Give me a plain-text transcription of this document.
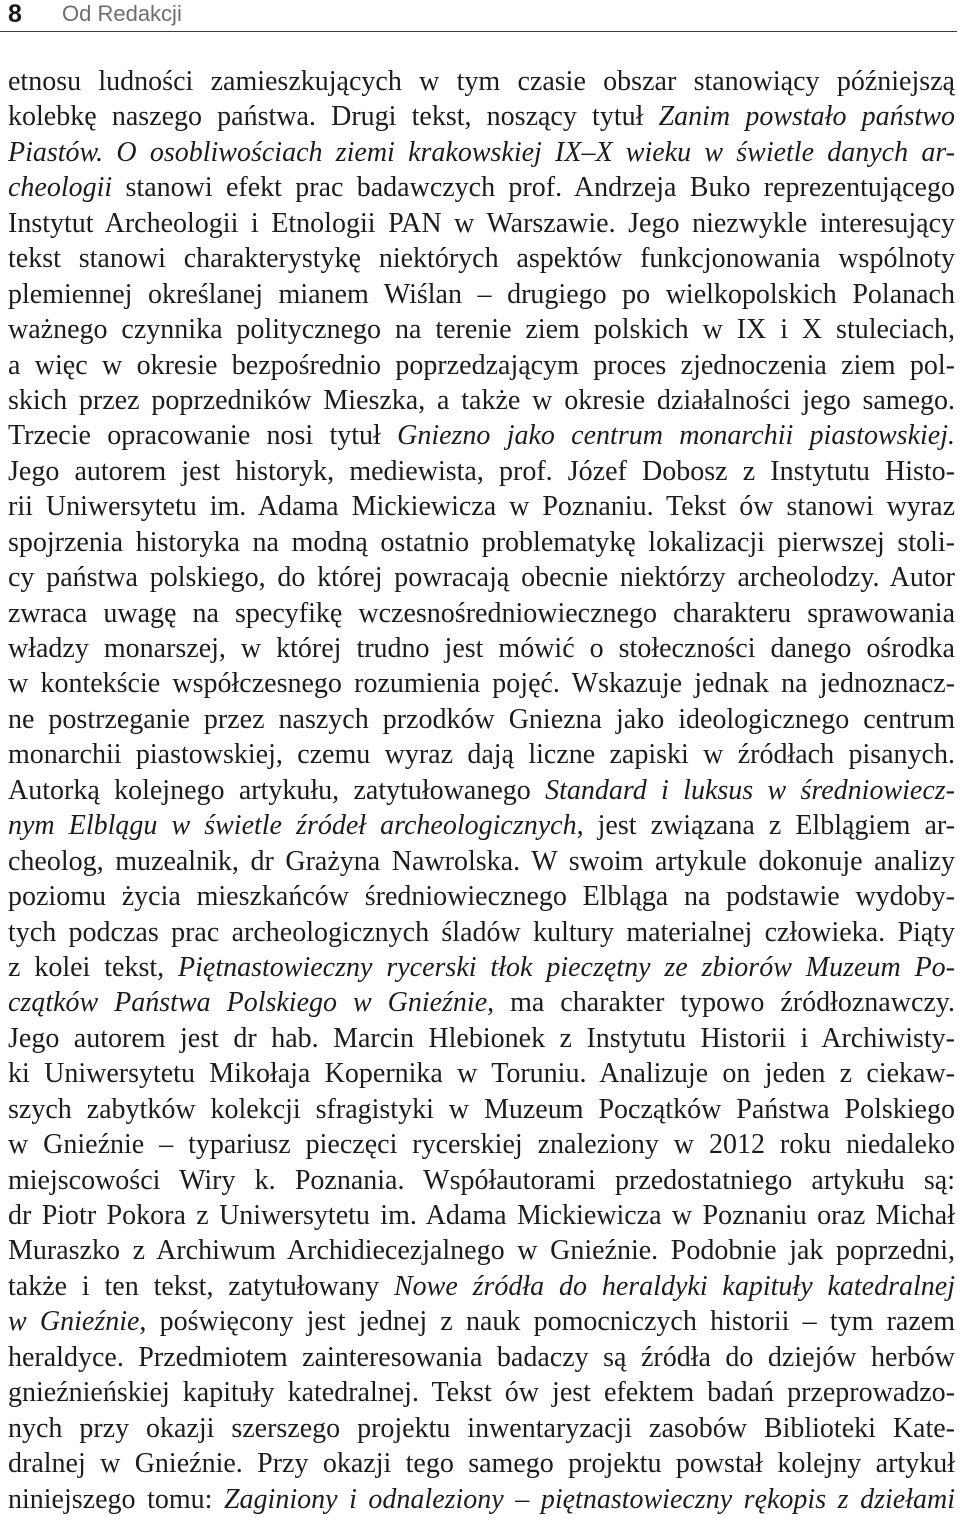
8 Od Redakcji
etnosu ludności zamieszkujących w tym czasie obszar stanowiący późniejszą
kolebkę naszego państwa. Drugi tekst, noszący tytuł Zanim powstało państwo
Piastów. O osobliwościach ziemi krakowskiej IX–X wieku w świetle danych ar-
cheologii stanowi efekt prac badawczych prof. Andrzeja Buko reprezentującego
Instytut Archeologii i Etnologii PAN w Warszawie. Jego niezwykle interesujący
tekst stanowi charakterystykę niektórych aspektów funkcjonowania wspólnoty
plemiennej określanej mianem Wiślan – drugiego po wielkopolskich Polanach
ważnego czynnika politycznego na terenie ziem polskich w IX i X stuleciach,
a więc w okresie bezpośrednio poprzedzającym proces zjednoczenia ziem pol-
skich przez poprzedników Mieszka, a także w okresie działalności jego samego.
Trzecie opracowanie nosi tytuł Gniezno jako centrum monarchii piastowskiej.
Jego autorem jest historyk, mediewista, prof. Józef Dobosz z Instytutu Histo-
rii Uniwersytetu im. Adama Mickiewicza w Poznaniu. Tekst ów stanowi wyraz
spojrzenia historyka na modną ostatnio problematykę lokalizacji pierwszej stoli-
cy państwa polskiego, do której powracają obecnie niektórzy archeolodzy. Autor
zwraca uwagę na specyfikę wczesnośredniowiecznego charakteru sprawowania
władzy monarszej, w której trudno jest mówić o stołeczności danego ośrodka
w kontekście współczesnego rozumienia pojęć. Wskazuje jednak na jednoznacz-
ne postrzeganie przez naszych przodków Gniezna jako ideologicznego centrum
monarchii piastowskiej, czemu wyraz dają liczne zapiski w źródłach pisanych.
Autorką kolejnego artykułu, zatytułowanego Standard i luksus w średniowiecz-
nym Elblągu w świetle źródeł archeologicznych, jest związana z Elblągiem ar-
cheolog, muzealnik, dr Grażyna Nawrolska. W swoim artykule dokonuje analizy
poziomu życia mieszkańców średniowiecznego Elbląga na podstawie wydoby-
tych podczas prac archeologicznych śladów kultury materialnej człowieka. Piąty
z kolei tekst, Piętnastowieczny rycerski tłok pieczętny ze zbiorów Muzeum Po-
czątków Państwa Polskiego w Gnieźnie, ma charakter typowo źródłoznawczy.
Jego autorem jest dr hab. Marcin Hlebionek z Instytutu Historii i Archiwisty-
ki Uniwersytetu Mikołaja Kopernika w Toruniu. Analizuje on jeden z ciekaw-
szych zabytków kolekcji sfragistyki w Muzeum Początków Państwa Polskiego
w Gnieźnie – typariusz pieczęci rycerskiej znaleziony w 2012 roku niedaleko
miejscowości Wiry k. Poznania. Współautorami przedostatniego artykułu są:
dr Piotr Pokora z Uniwersytetu im. Adama Mickiewicza w Poznaniu oraz Michał
Muraszko z Archiwum Archidiecezjalnego w Gnieźnie. Podobnie jak poprzedni,
także i ten tekst, zatytułowany Nowe źródła do heraldyki kapituły katedralnej
w Gnieźnie, poświęcony jest jednej z nauk pomocniczych historii – tym razem
heraldyce. Przedmiotem zainteresowania badaczy są źródła do dziejów herbów
gnieźnieńskiej kapituły katedralnej. Tekst ów jest efektem badań przeprowadzo-
nych przy okazji szerszego projektu inwentaryzacji zasobów Biblioteki Kate-
dralnej w Gnieźnie. Przy okazji tego samego projektu powstał kolejny artykuł
niniejszego tomu: Zaginiony i odnaleziony – piętnastowieczny rękopis z dziełami
